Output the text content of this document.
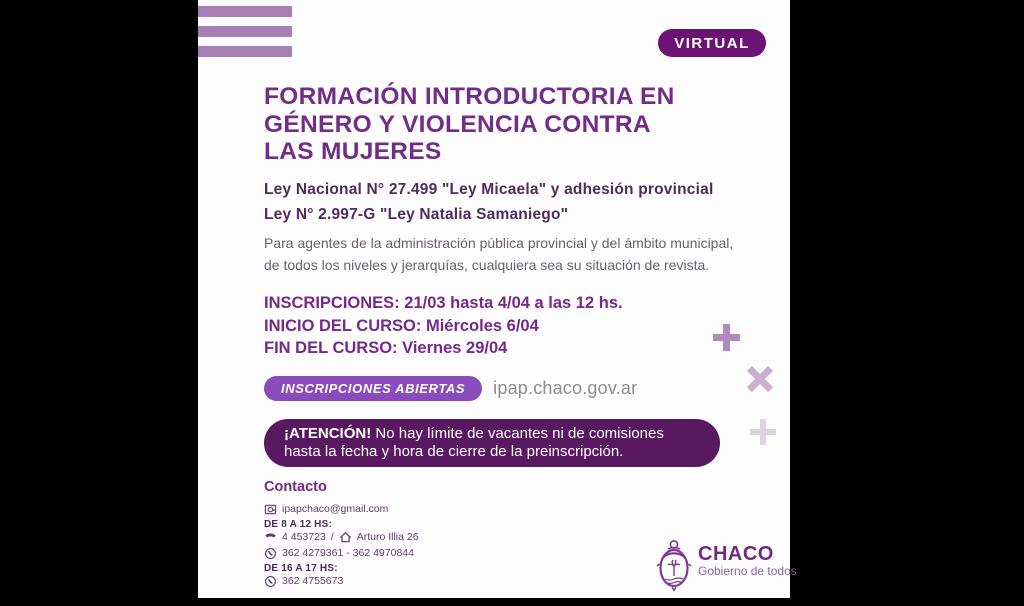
VIRTUAL
FORMACIÓN INTRODUCTORIA EN
GÉNERO Y VIOLENCIA CONTRA
LAS MUJERES
Ley Nacional N° 27.499 "Ley Micaela" y adhesión provincial
Ley N° 2.997-G "Ley Natalia Samaniego"

Para agentes de la administración pública provincial y del ámbito municipal,
de todos los niveles y jerarquías, cualquiera sea su situación de revista.

INSCRIPCIONES: 21/03 hasta 4/04 a las 12 hs.
INICIO DEL CURSO: Miércoles 6/04
FIN DEL CURSO: Viernes 29/04
INSCRIPCIONES ABIERTAS	ipap.chaco.gov.ar
¡ATENCIÓN! No hay límite de vacantes ni de comisiones
hasta la fecha y hora de cierre de la preinscripción.
Contacto
ipapchaco@gmail.com
DE 8 A 12 HS:
4 453723 / Arturo Illia 26
362 4279361 - 362 4970844
DE 16 A 17 HS:
362 4755673
CHACO
Gobierno de todos
